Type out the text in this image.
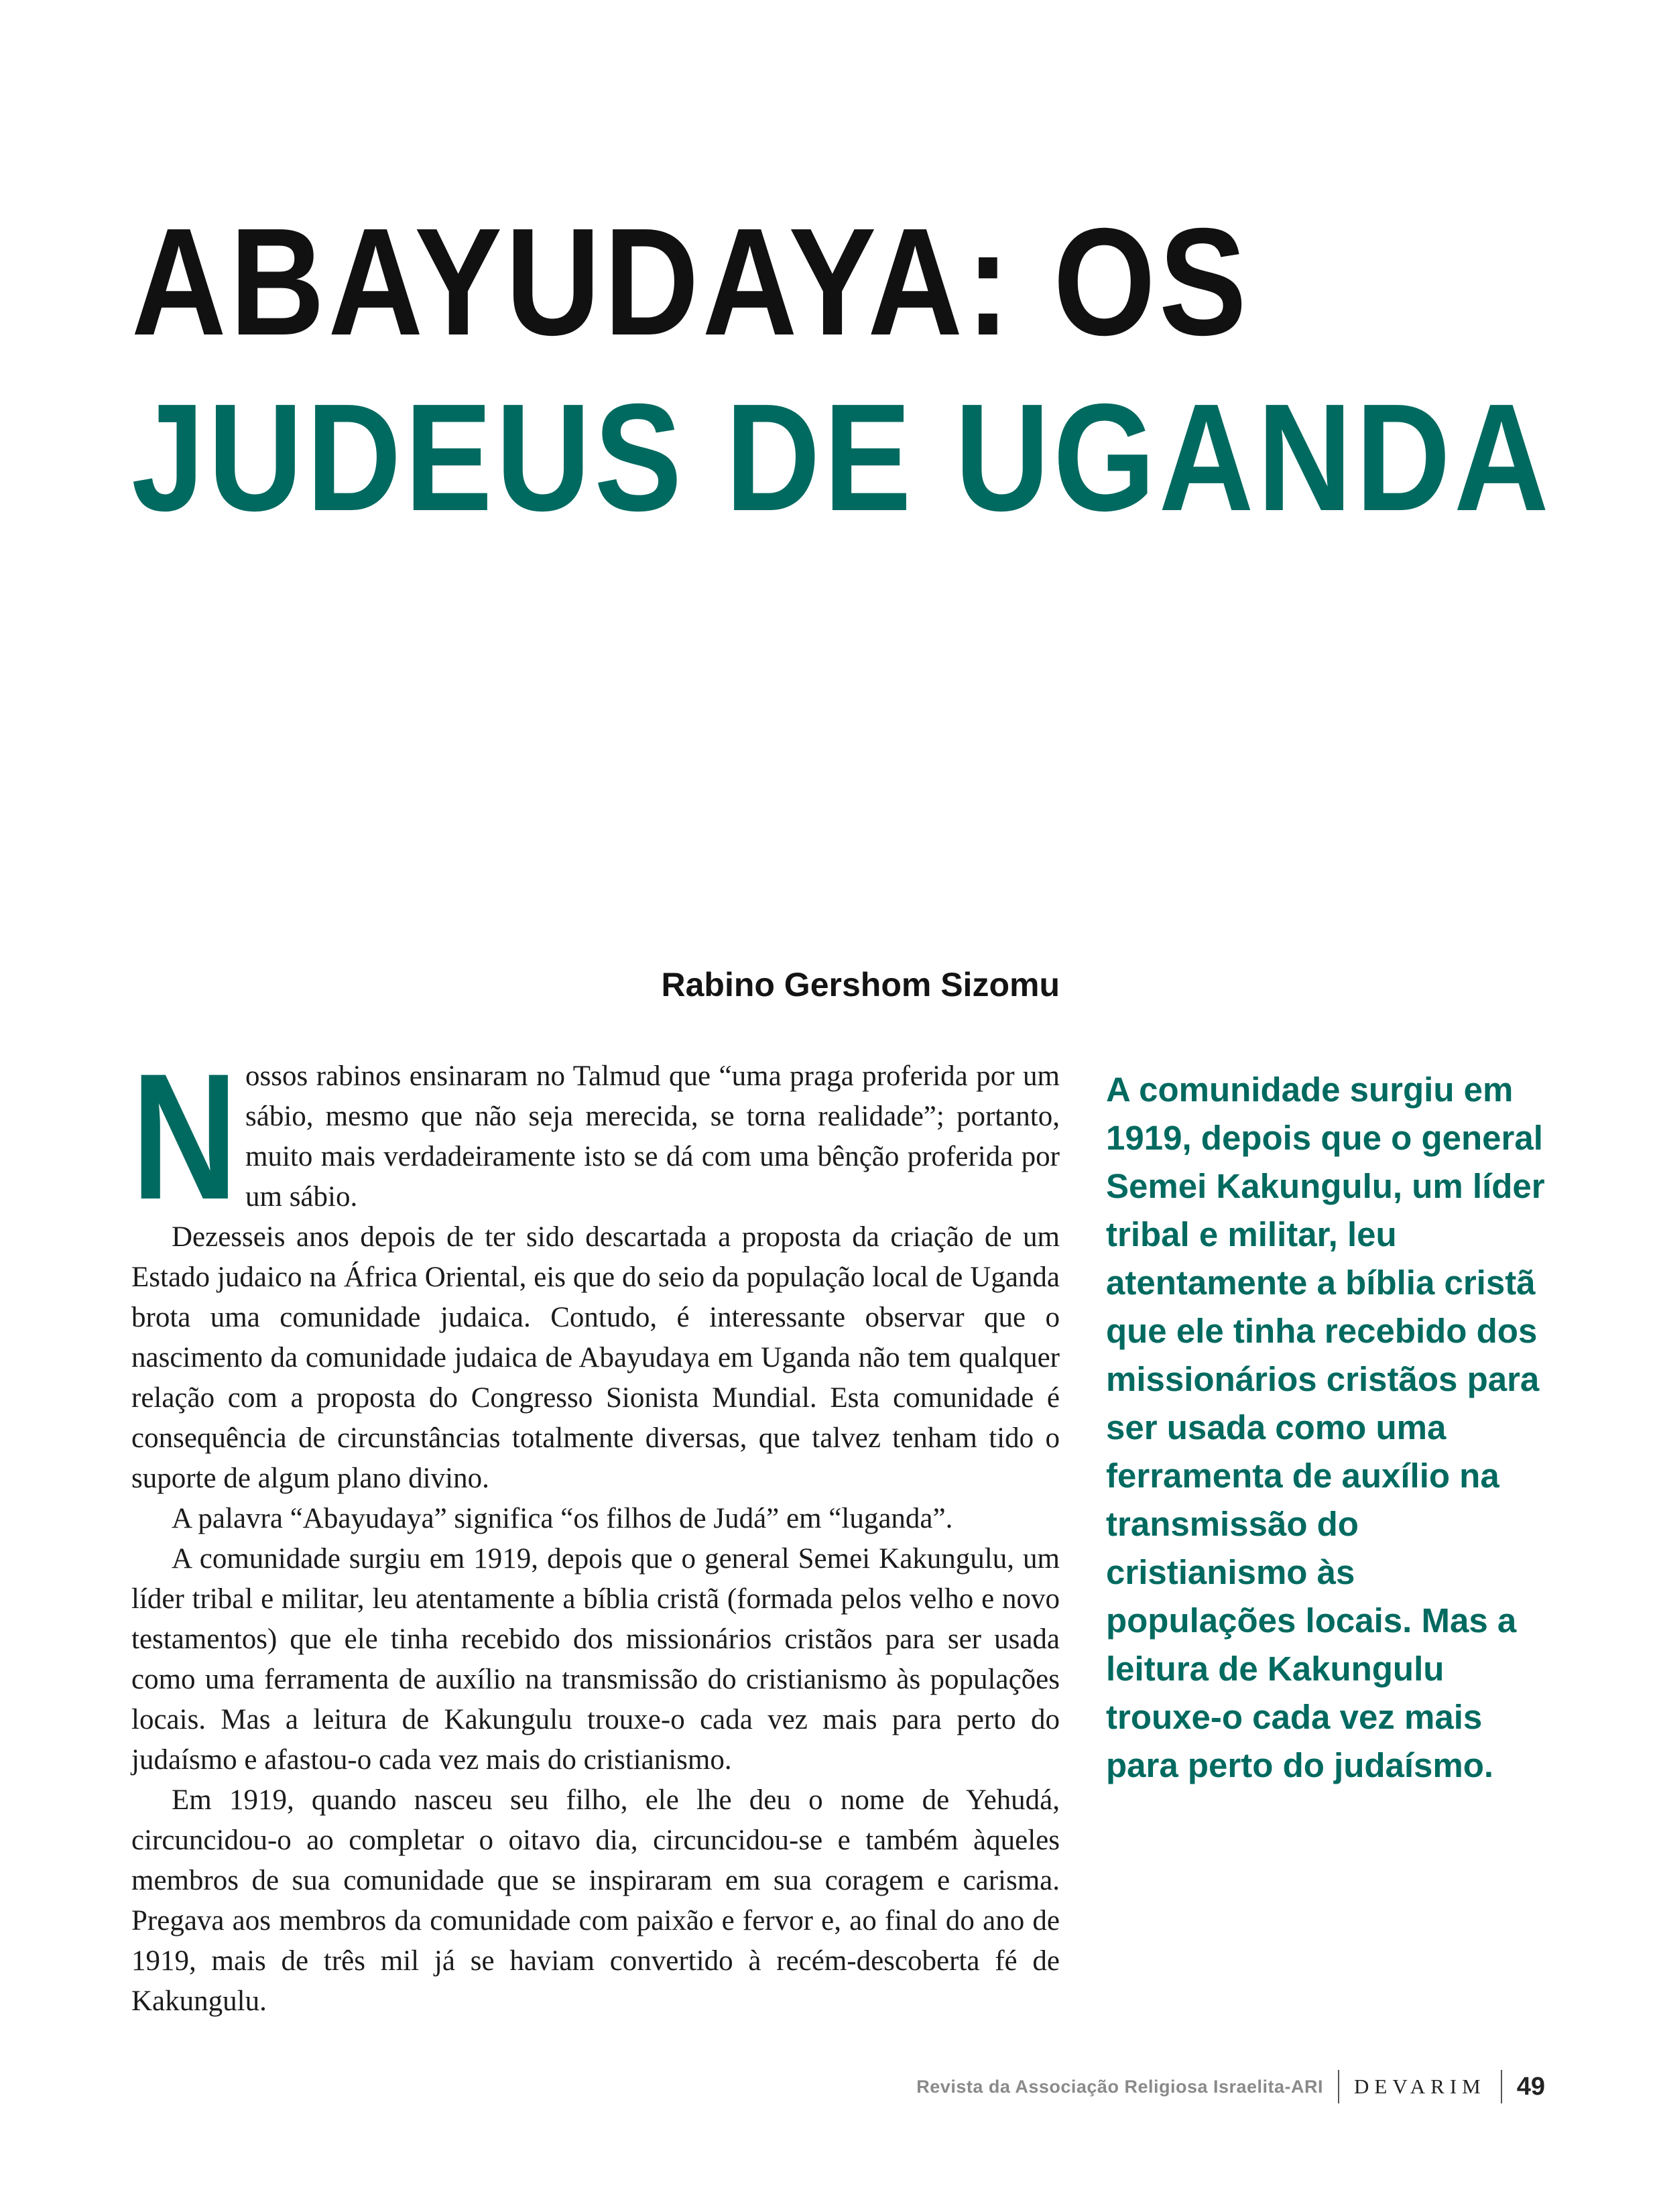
ABAYUDAYA: OS
JUDEUS DE UGANDA

Rabino Gershom Sizomu

Nossos rabinos ensinaram no Talmud que “uma praga proferida por um sábio, mesmo que não seja merecida, se torna realidade”; portanto, muito mais verdadeiramente isto se dá com uma bênção proferida por um sábio.

Dezesseis anos depois de ter sido descartada a proposta da criação de um Estado judaico na África Oriental, eis que do seio da população local de Uganda brota uma comunidade judaica. Contudo, é interessante observar que o nascimento da comunidade judaica de Abayudaya em Uganda não tem qualquer relação com a proposta do Congresso Sionista Mundial. Esta comunidade é consequência de circunstâncias totalmente diversas, que talvez tenham tido o suporte de algum plano divino.

A palavra “Abayudaya” significa “os filhos de Judá” em “luganda”.

A comunidade surgiu em 1919, depois que o general Semei Kakungulu, um líder tribal e militar, leu atentamente a bíblia cristã (formada pelos velho e novo testamentos) que ele tinha recebido dos missionários cristãos para ser usada como uma ferramenta de auxílio na transmissão do cristianismo às populações locais. Mas a leitura de Kakungulu trouxe-o cada vez mais para perto do judaísmo e afastou-o cada vez mais do cristianismo.

Em 1919, quando nasceu seu filho, ele lhe deu o nome de Yehudá, circuncidou-o ao completar o oitavo dia, circuncidou-se e também àqueles membros de sua comunidade que se inspiraram em sua coragem e carisma. Pregava aos membros da comunidade com paixão e fervor e, ao final do ano de 1919, mais de três mil já se haviam convertido à recém-descoberta fé de Kakungulu.

A comunidade surgiu em 1919, depois que o general Semei Kakungulu, um líder tribal e militar, leu atentamente a bíblia cristã que ele tinha recebido dos missionários cristãos para ser usada como uma ferramenta de auxílio na transmissão do cristianismo às populações locais. Mas a leitura de Kakungulu trouxe-o cada vez mais para perto do judaísmo.

Revista da Associação Religiosa Israelita-ARI DEVARIM 49
